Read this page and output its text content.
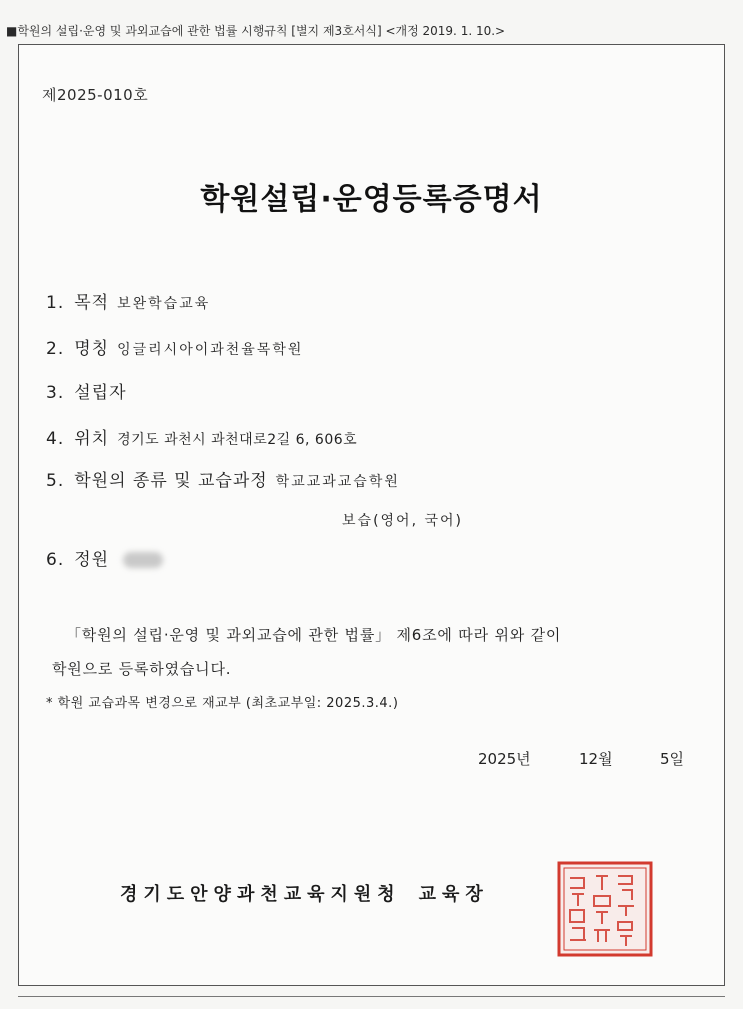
■학원의 설립·운영 및 과외교습에 관한 법률 시행규칙 [별지 제3호서식] <개정 2019. 1. 10.>
제2025-010호
학원설립·운영등록증명서
1. 목적 보완학습교육
2. 명칭 잉글리시아이과천율목학원
3. 설립자
4. 위치 경기도 과천시 과천대로2길 6, 606호
5. 학원의 종류 및 교습과정 학교교과교습학원
보습(영어, 국어)
6. 정원
「학원의 설립·운영 및 과외교습에 관한 법률」 제6조에 따라 위와 같이
학원으로 등록하였습니다.
* 학원 교습과목 변경으로 재교부 (최초교부일: 2025.3.4.)
2025년	12월	5일
경기도안양과천교육지원청 교육장
